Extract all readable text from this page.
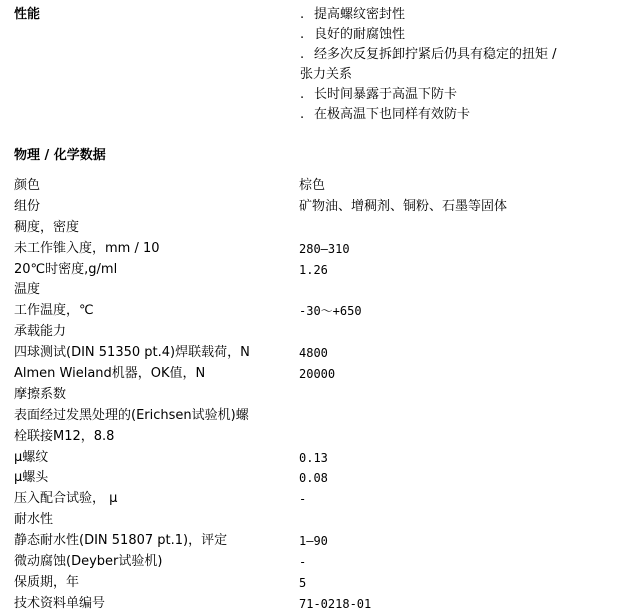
性能	. 提高螺纹密封性
. 良好的耐腐蚀性
. 经多次反复拆卸拧紧后仍具有稳定的扭矩 /
张力关系
. 长时间暴露于高温下防卡
. 在极高温下也同样有效防卡
物理 / 化学数据
颜色	棕色
组份	矿物油、增稠剂、铜粉、石墨等固体
稠度，密度
未工作锥入度，mm / 10	280—310
20℃时密度,g/ml	1.26
温度
工作温度，℃	-30～+650
承载能力
四球测试(DIN 51350 pt.4)焊联载荷，N	4800
Almen Wieland机器，OK值，N	20000
摩擦系数
表面经过发黑处理的(Erichsen试验机)螺
栓联接M12，8.8
μ螺纹	0.13
μ螺头	0.08
压入配合试验， μ	-
耐水性
静态耐水性(DIN 51807 pt.1)，评定	1—90
微动腐蚀(Deyber试验机)	-
保质期，年	5
技术资料单编号	71-0218-01
